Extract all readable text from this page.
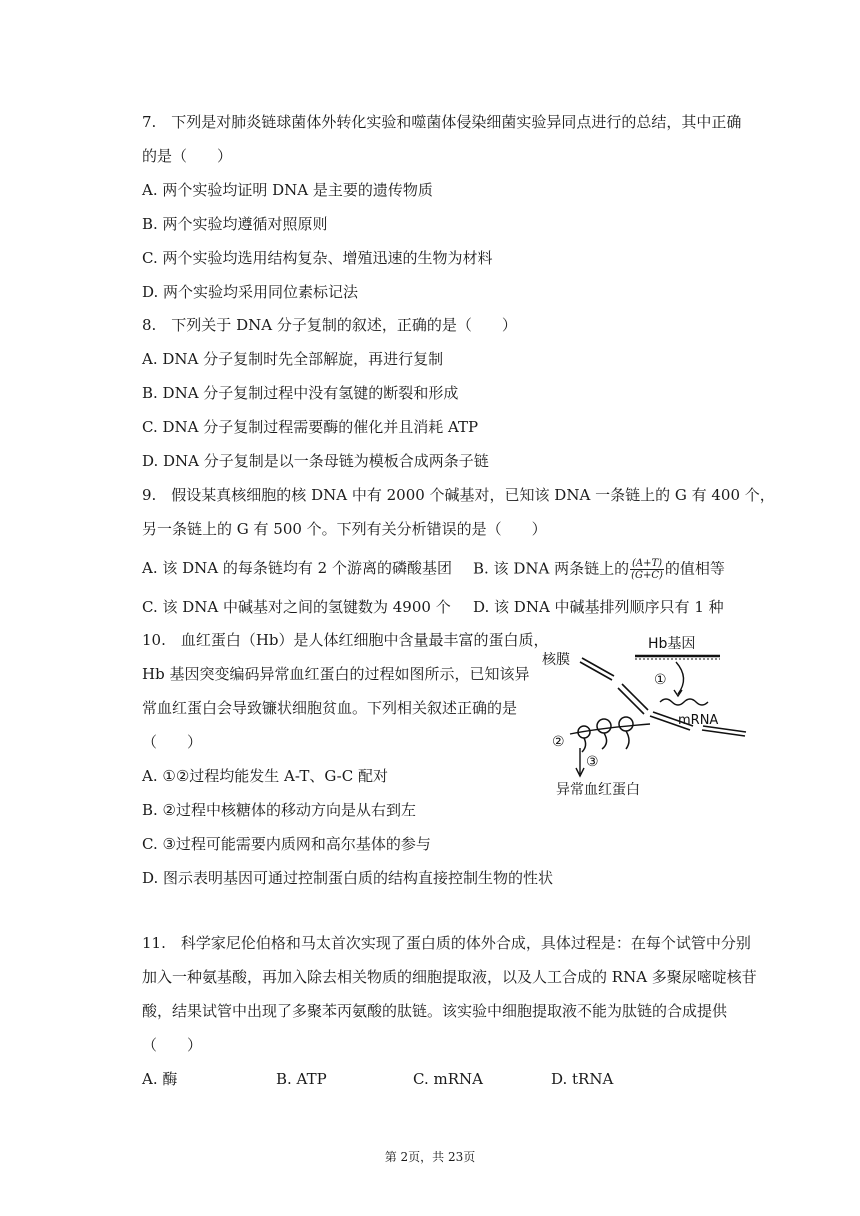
7.　下列是对肺炎链球菌体外转化实验和噬菌体侵染细菌实验异同点进行的总结，其中正确
的是（　　）
A. 两个实验均证明 DNA 是主要的遗传物质
B. 两个实验均遵循对照原则
C. 两个实验均选用结构复杂、增殖迅速的生物为材料
D. 两个实验均采用同位素标记法
8.　下列关于 DNA 分子复制的叙述，正确的是（　　）
A. DNA 分子复制时先全部解旋，再进行复制
B. DNA 分子复制过程中没有氢键的断裂和形成
C. DNA 分子复制过程需要酶的催化并且消耗 ATP
D. DNA 分子复制是以一条母链为模板合成两条子链
9.　假设某真核细胞的核 DNA 中有 2000 个碱基对，已知该 DNA 一条链上的 G 有 400 个，
另一条链上的 G 有 500 个。下列有关分析错误的是（　　）
A. 该 DNA 的每条链均有 2 个游离的磷酸基团 B. 该 DNA 两条链上的 $\frac{(A+T)}{(G+C)}$ 的值相等
C. 该 DNA 中碱基对之间的氢键数为 4900 个 D. 该 DNA 中碱基排列顺序只有 1 种
10.　血红蛋白（Hb）是人体红细胞中含量最丰富的蛋白质，
Hb 基因突变编码异常血红蛋白的过程如图所示，已知该异
常血红蛋白会导致镰状细胞贫血。下列相关叙述正确的是
（　　）
A. ①②过程均能发生 A-T、G-C 配对
B. ②过程中核糖体的移动方向是从右到左
C. ③过程可能需要内质网和高尔基体的参与
D. 图示表明基因可通过控制蛋白质的结构直接控制生物的性状
Hb基因
核膜
①
mRNA
②
③
异常血红蛋白
11.　科学家尼伦伯格和马太首次实现了蛋白质的体外合成，具体过程是：在每个试管中分别
加入一种氨基酸，再加入除去相关物质的细胞提取液，以及人工合成的 RNA 多聚尿嘧啶核苷
酸，结果试管中出现了多聚苯丙氨酸的肽链。该实验中细胞提取液不能为肽链的合成提供
（　　）
A. 酶	B. ATP	C. mRNA	D. tRNA
第 2页，共 23页
